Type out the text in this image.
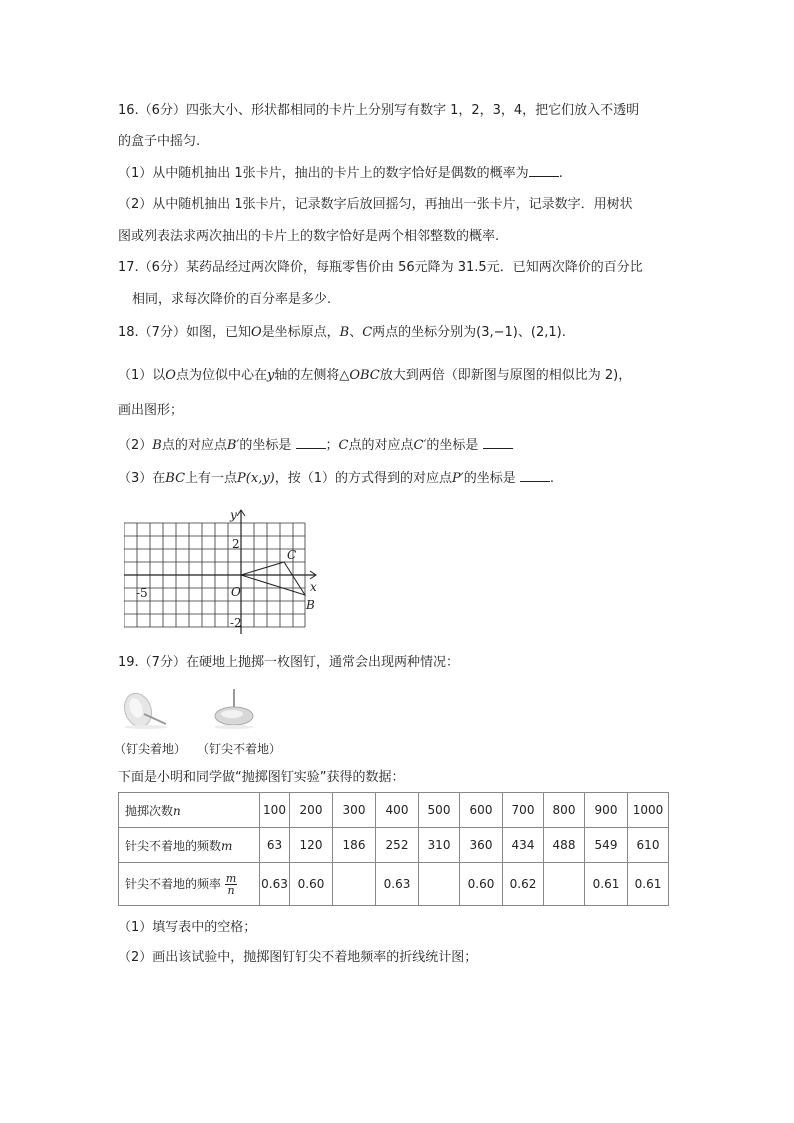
16.（6分）四张大小、形状都相同的卡片上分别写有数字 1，2，3，4，把它们放入不透明
的盒子中摇匀.
（1）从中随机抽出 1张卡片，抽出的卡片上的数字恰好是偶数的概率为 .
（2）从中随机抽出 1张卡片，记录数字后放回摇匀，再抽出一张卡片，记录数字．用树状
图或列表法求两次抽出的卡片上的数字恰好是两个相邻整数的概率.
17.（6分）某药品经过两次降价，每瓶零售价由 56元降为 31.5元．已知两次降价的百分比
相同，求每次降价的百分率是多少.
18.（7分）如图，已知O是坐标原点，B、C两点的坐标分别为(3,−1)、(2,1).
（1）以O点为位似中心在y轴的左侧将△OBC放大到两倍（即新图与原图的相似比为 2)，
画出图形；
（2）B点的对应点B′的坐标是	；C点的对应点C′的坐标是
（3）在BC上有一点P(x,y)，按（1）的方式得到的对应点P′的坐标是	.
2
-2
-5	x
y
O
B
C
19.（7分）在硬地上抛掷一枚图钉，通常会出现两种情况：
（钉尖着地） （钉尖不着地）
下面是小明和同学做“抛掷图钉实验”获得的数据：
抛掷次数n	100	200	300	400	500	600	700	800	900	1000
针尖不着地的频数m	63	120	186	252	310	360	434	488	549	610
针尖不着地的频率 $\frac{m}{n}$	0.63	0.60		0.63		0.60	0.62		0.61	0.61
（1）填写表中的空格；
（2）画出该试验中，抛掷图钉钉尖不着地频率的折线统计图；
